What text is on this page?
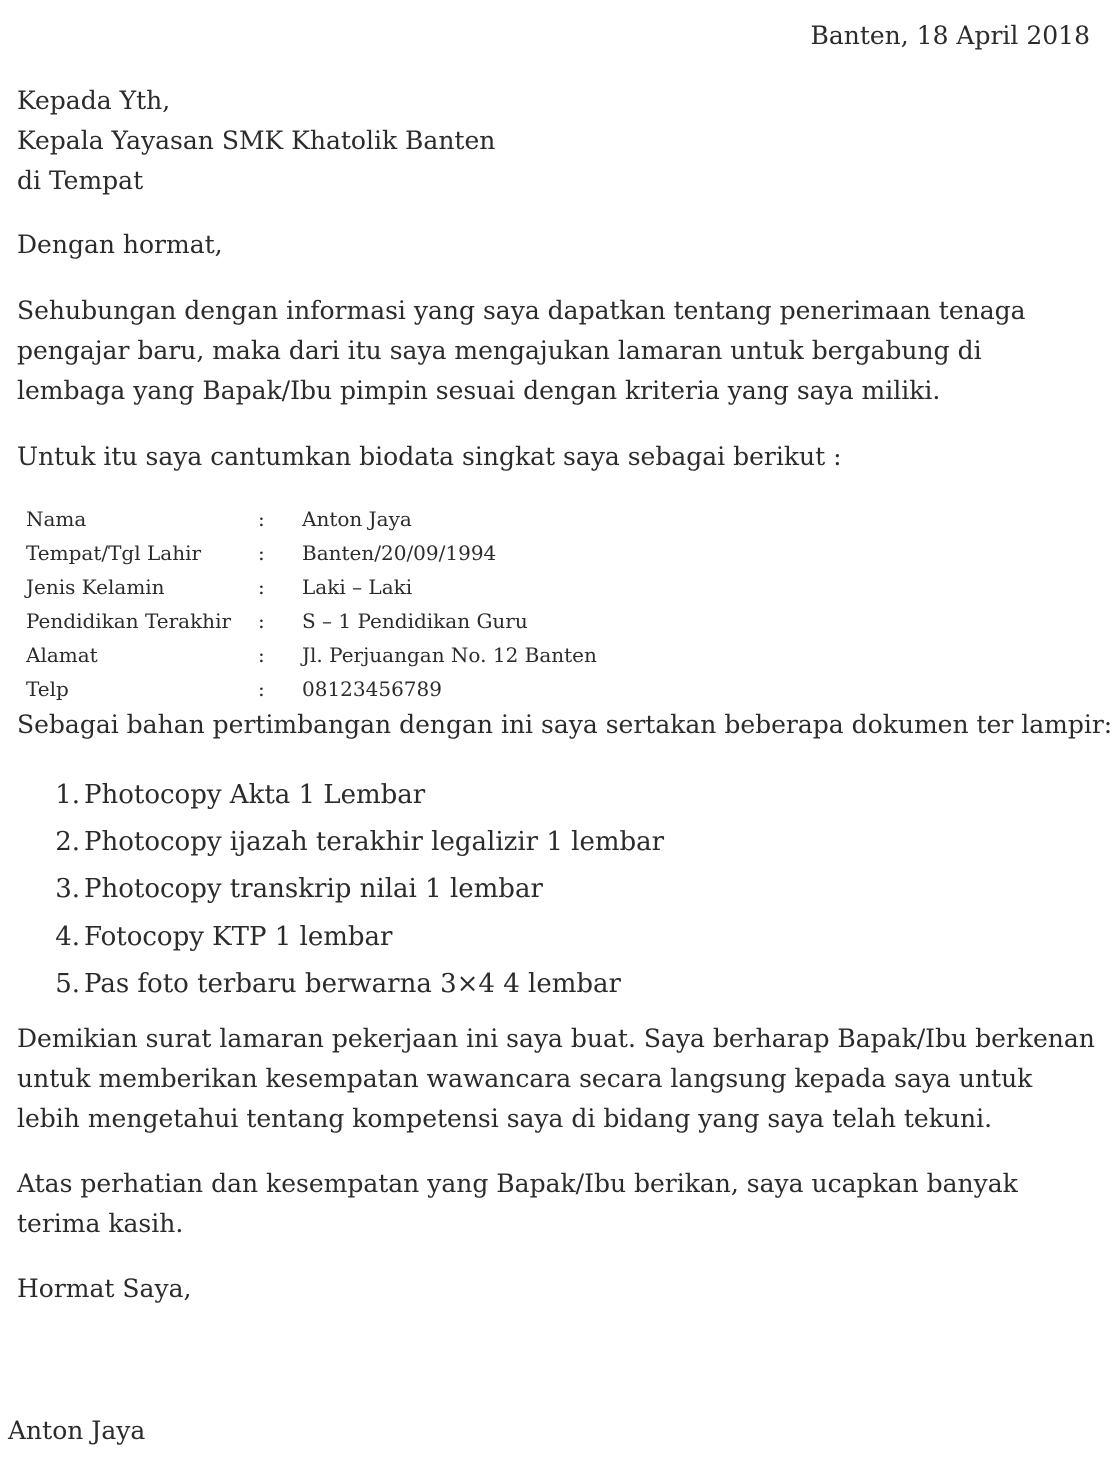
Banten, 18 April 2018
Kepada Yth,
Kepala Yayasan SMK Khatolik Banten
di Tempat
Dengan hormat,
Sehubungan dengan informasi yang saya dapatkan tentang penerimaan tenaga pengajar baru, maka dari itu saya mengajukan lamaran untuk bergabung di lembaga yang Bapak/Ibu pimpin sesuai dengan kriteria yang saya miliki.
Untuk itu saya cantumkan biodata singkat saya sebagai berikut :
Nama	: Anton Jaya
Tempat/Tgl Lahir	: Banten/20/09/1994
Jenis Kelamin	: Laki – Laki
Pendidikan Terakhir : S – 1 Pendidikan Guru
Alamat	: Jl. Perjuangan No. 12 Banten
Telp	: 08123456789
Sebagai bahan pertimbangan dengan ini saya sertakan beberapa dokumen ter lampir:
1. Photocopy Akta 1 Lembar
2. Photocopy ijazah terakhir legalizir 1 lembar
3. Photocopy transkrip nilai 1 lembar
4. Fotocopy KTP 1 lembar
5. Pas foto terbaru berwarna 3×4 4 lembar
Demikian surat lamaran pekerjaan ini saya buat. Saya berharap Bapak/Ibu berkenan untuk memberikan kesempatan wawancara secara langsung kepada saya untuk lebih mengetahui tentang kompetensi saya di bidang yang saya telah tekuni.
Atas perhatian dan kesempatan yang Bapak/Ibu berikan, saya ucapkan banyak terima kasih.
Hormat Saya,
Anton Jaya
